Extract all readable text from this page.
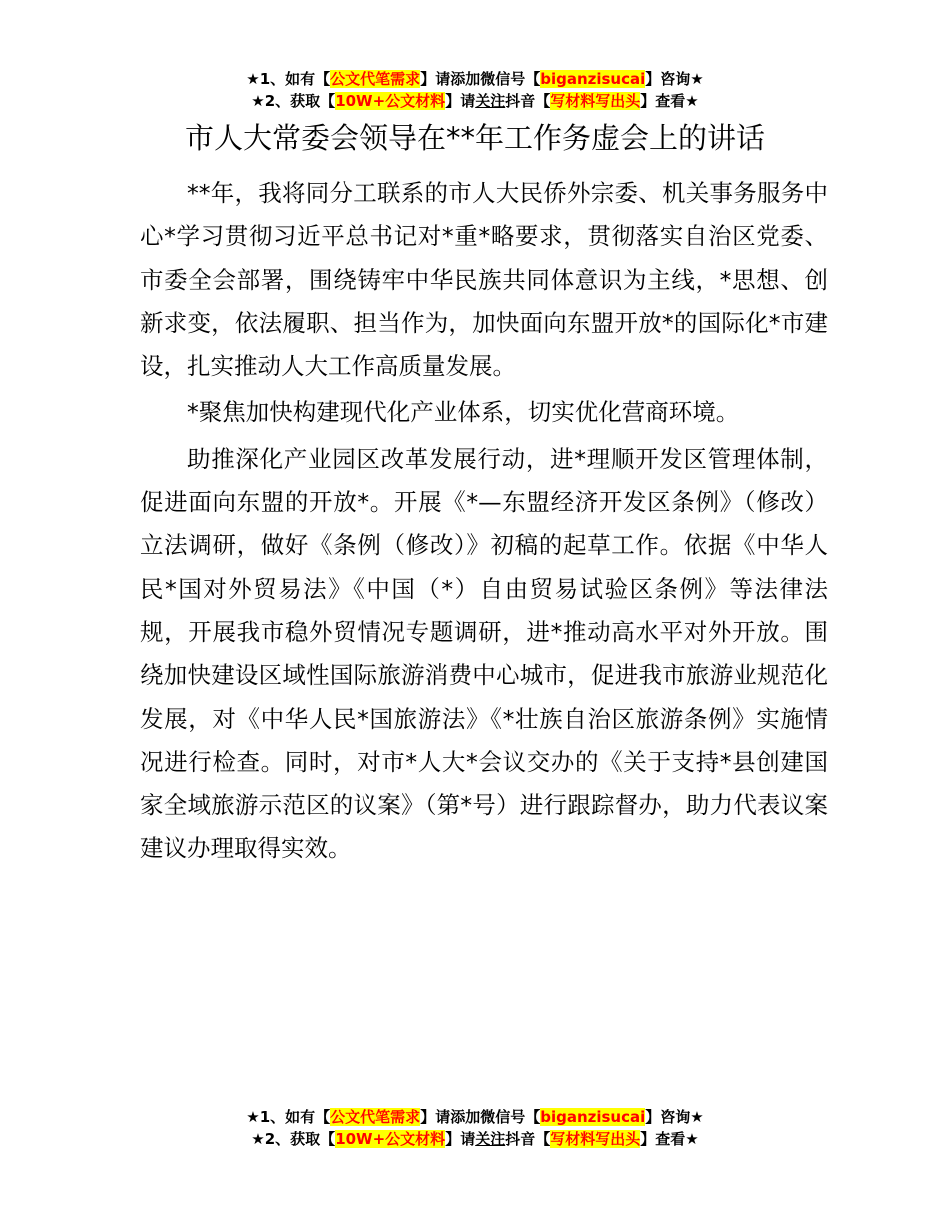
★1、如有【公文代笔需求】请添加微信号【biganzisucai】咨询★
★2、获取【10W+公文材料】请关注抖音【写材料写出头】查看★
市人大常委会领导在**年工作务虚会上的讲话

**年，我将同分工联系的市人大民侨外宗委、机关事务服务中心*学习贯彻习近平总书记对*重*略要求，贯彻落实自治区党委、市委全会部署，围绕铸牢中华民族共同体意识为主线，*思想、创新求变，依法履职、担当作为，加快面向东盟开放*的国际化*市建设，扎实推动人大工作高质量发展。

*聚焦加快构建现代化产业体系，切实优化营商环境。

助推深化产业园区改革发展行动，进*理顺开发区管理体制，促进面向东盟的开放*。开展《*—东盟经济开发区条例》（修改）立法调研，做好《条例（修改）》初稿的起草工作。依据《中华人民*国对外贸易法》《中国（*）自由贸易试验区条例》等法律法规，开展我市稳外贸情况专题调研，进*推动高水平对外开放。围绕加快建设区域性国际旅游消费中心城市，促进我市旅游业规范化发展，对《中华人民*国旅游法》《*壮族自治区旅游条例》实施情况进行检查。同时，对市*人大*会议交办的《关于支持*县创建国家全域旅游示范区的议案》（第*号）进行跟踪督办，助力代表议案建议办理取得实效。

★1、如有【公文代笔需求】请添加微信号【biganzisucai】咨询★
★2、获取【10W+公文材料】请关注抖音【写材料写出头】查看★
